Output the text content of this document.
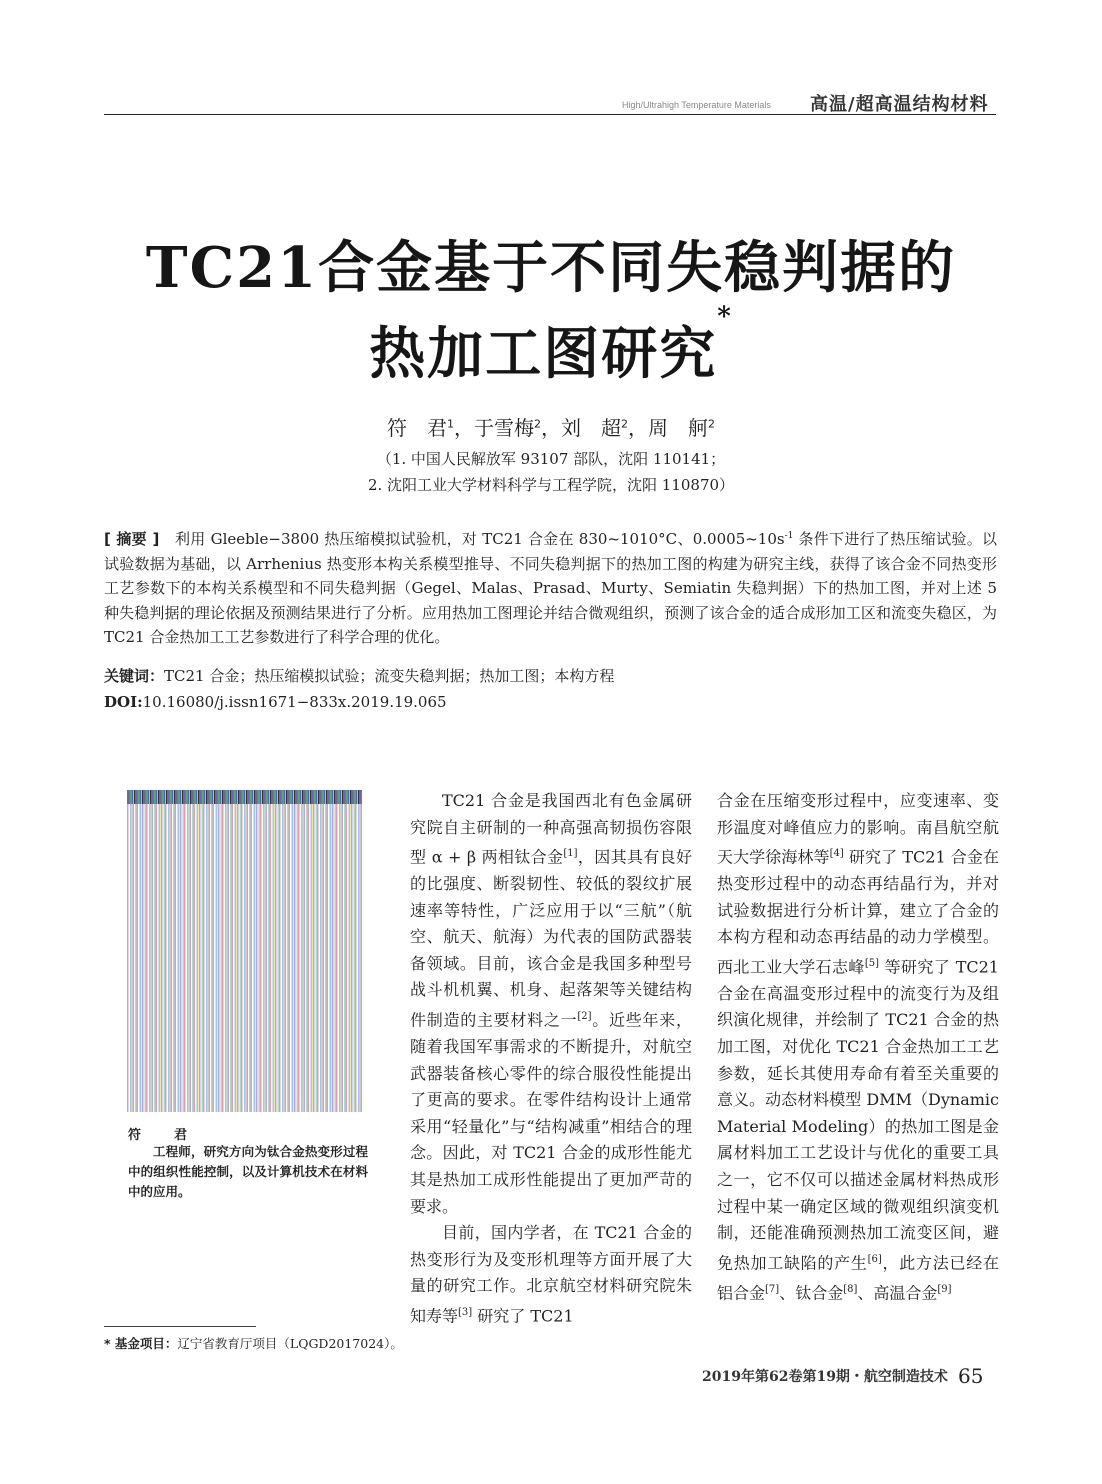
High/Ultrahigh Temperature Materials 高温/超高温结构材料
TC21合金基于不同失稳判据的
热加工图研究*
符　君$^1$，于雪梅$^2$，刘　超$^2$，周　舸$^2$
（1. 中国人民解放军 93107 部队，沈阳 110141；
2. 沈阳工业大学材料科学与工程学院，沈阳 110870）
[ 摘要 ]　 利用 Gleeble−3800 热压缩模拟试验机，对 TC21 合金在 830~1010°C、$0.0005\sim 10s^{-1}$ 条件下进行了热压缩试验。以试验数据为基础，以 Arrhenius 热变形本构关系模型推导、不同失稳判据下的热加工图的构建为研究主线，获得了该合金不同热变形工艺参数下的本构关系模型和不同失稳判据（Gegel、Malas、Prasad、Murty、Semiatin 失稳判据）下的热加工图，并对上述 5 种失稳判据的理论依据及预测结果进行了分析。应用热加工图理论并结合微观组织，预测了该合金的适合成形加工区和流变失稳区，为 TC21 合金热加工工艺参数进行了科学合理的优化。
关键词：TC21 合金；热压缩模拟试验；流变失稳判据；热加工图；本构方程
DOI:10.16080/j.issn1671−833x.2019.19.065
符　君
工程师，研究方向为钛合金热变形过程中的组织性能控制，以及计算机技术在材料中的应用。
* 基金项目：辽宁省教育厅项目（LQGD2017024）。

TC21 合金是我国西北有色金属研究院自主研制的一种高强高韧损伤容限型 α + β 两相钛合金[1]，因其具有良好的比强度、断裂韧性、较低的裂纹扩展速率等特性，广泛应用于以“三航”（航空、航天、航海）为代表的国防武器装备领域。目前，该合金是我国多种型号战斗机机翼、机身、起落架等关键结构件制造的主要材料之一[2]。近些年来，随着我国军事需求的不断提升，对航空武器装备核心零件的综合服役性能提出了更高的要求。在零件结构设计上通常采用“轻量化”与“结构减重”相结合的理念。因此，对 TC21 合金的成形性能尤其是热加工成形性能提出了更加严苛的要求。

目前，国内学者，在 TC21 合金的热变形行为及变形机理等方面开展了大量的研究工作。北京航空材料研究院朱知寿等[3] 研究了 TC21

合金在压缩变形过程中，应变速率、变形温度对峰值应力的影响。南昌航空航天大学徐海林等[4] 研究了 TC21 合金在热变形过程中的动态再结晶行为，并对试验数据进行分析计算，建立了合金的本构方程和动态再结晶的动力学模型。西北工业大学石志峰[5] 等研究了 TC21 合金在高温变形过程中的流变行为及组织演化规律，并绘制了 TC21 合金的热加工图，对优化 TC21 合金热加工工艺参数，延长其使用寿命有着至关重要的意义。动态材料模型 DMM（Dynamic Material Modeling）的热加工图是金属材料加工工艺设计与优化的重要工具之一，它不仅可以描述金属材料热成形过程中某一确定区域的微观组织演变机制，还能准确预测热加工流变区间，避免热加工缺陷的产生[6]，此方法已经在铝合金[7]、钛合金[8]、高温合金[9]

2019年第62卷第19期・航空制造技术 65
